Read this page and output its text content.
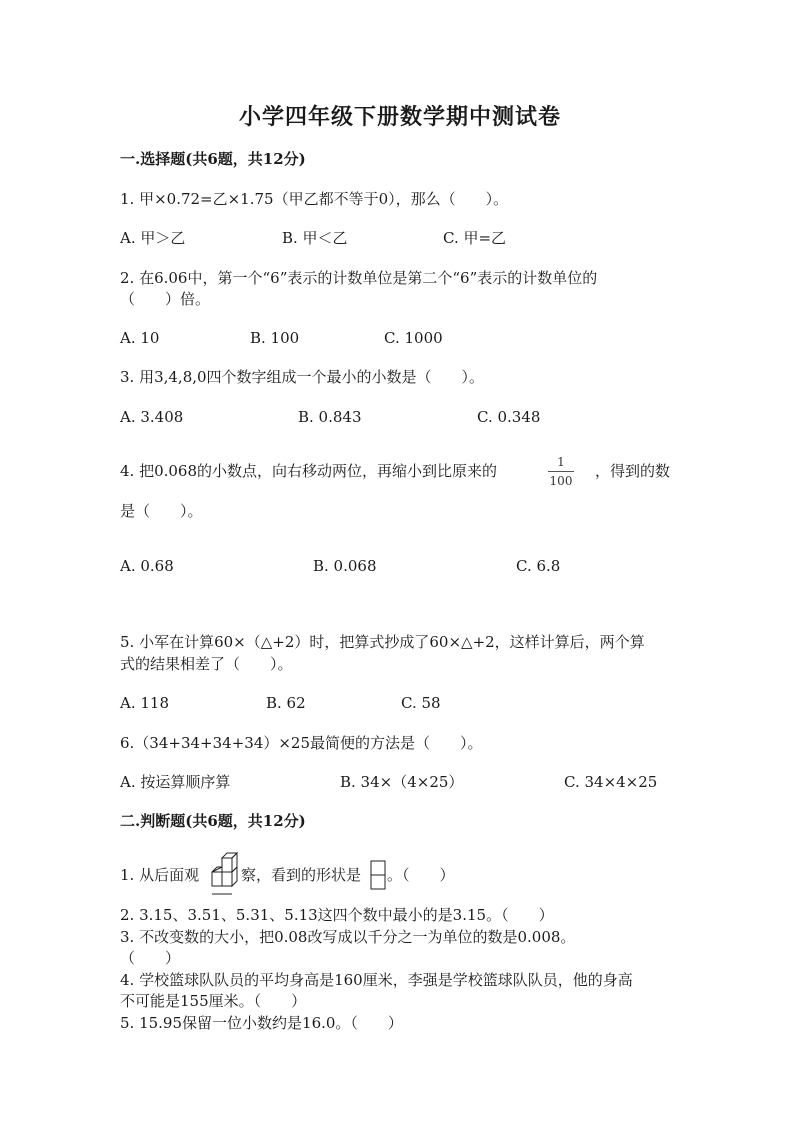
小学四年级下册数学期中测试卷
一.选择题(共6题，共12分)
1. 甲×0.72=乙×1.75（甲乙都不等于0），那么（　　）。
A. 甲＞乙	B. 甲＜乙	C. 甲=乙
2. 在6.06中，第一个“6”表示的计数单位是第二个“6”表示的计数单位的
（　　）倍。
A. 10	B. 100	C. 1000
3. 用3,4,8,0四个数字组成一个最小的小数是（　　）。
A. 3.408	B. 0.843	C. 0.348
4. 把0.068的小数点，向右移动两位，再缩小到比原来的	1
100
，得到的数
是（　　）。
A. 0.68	B. 0.068	C. 6.8
5. 小军在计算60×（△+2）时，把算式抄成了60×△+2，这样计算后，两个算
式的结果相差了（　　）。
A. 118	B. 62	C. 58
6.（34+34+34+34）×25最简便的方法是（　　）。
A. 按运算顺序算	B. 34×（4×25）	C. 34×4×25
二.判断题(共6题，共12分)
1. 从后面观	察，看到的形状是 。（　　）
2. 3.15、3.51、5.31、5.13这四个数中最小的是3.15。（　　）
3. 不改变数的大小，把0.08改写成以千分之一为单位的数是0.008。
（　　）
4. 学校篮球队队员的平均身高是160厘米，李强是学校篮球队队员，他的身高
不可能是155厘米。（　　）
5. 15.95保留一位小数约是16.0。（　　）
